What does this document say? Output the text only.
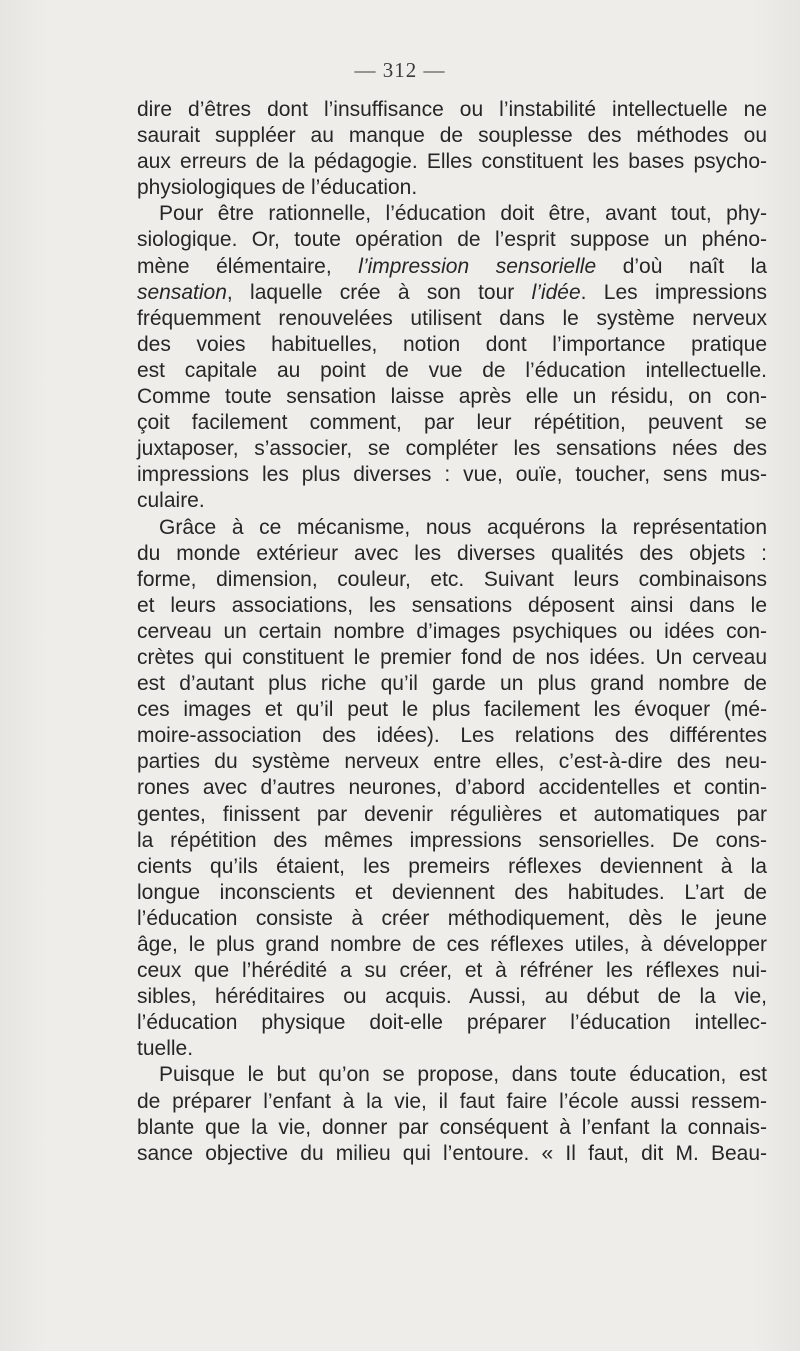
— 312 —
dire d’êtres dont l’insuffisance ou l’instabilité intellectuelle ne
saurait suppléer au manque de souplesse des méthodes ou
aux erreurs de la pédagogie. Elles constituent les bases psycho-
physiologiques de l’éducation.
Pour être rationnelle, l’éducation doit être, avant tout, phy-
siologique. Or, toute opération de l’esprit suppose un phéno-
mène élémentaire, l’impression sensorielle d’où naît la
sensation, laquelle crée à son tour l’idée. Les impressions
fréquemment renouvelées utilisent dans le système nerveux
des voies habituelles, notion dont l’importance pratique
est capitale au point de vue de l’éducation intellectuelle.
Comme toute sensation laisse après elle un résidu, on con-
çoit facilement comment, par leur répétition, peuvent se
juxtaposer, s’associer, se compléter les sensations nées des
impressions les plus diverses : vue, ouïe, toucher, sens mus-
culaire.
Grâce à ce mécanisme, nous acquérons la représentation
du monde extérieur avec les diverses qualités des objets :
forme, dimension, couleur, etc. Suivant leurs combinaisons
et leurs associations, les sensations déposent ainsi dans le
cerveau un certain nombre d’images psychiques ou idées con-
crètes qui constituent le premier fond de nos idées. Un cerveau
est d’autant plus riche qu’il garde un plus grand nombre de
ces images et qu’il peut le plus facilement les évoquer (mé-
moire-association des idées). Les relations des différentes
parties du système nerveux entre elles, c’est-à-dire des neu-
rones avec d’autres neurones, d’abord accidentelles et contin-
gentes, finissent par devenir régulières et automatiques par
la répétition des mêmes impressions sensorielles. De cons-
cients qu’ils étaient, les premeirs réflexes deviennent à la
longue inconscients et deviennent des habitudes. L’art de
l’éducation consiste à créer méthodiquement, dès le jeune
âge, le plus grand nombre de ces réflexes utiles, à développer
ceux que l’hérédité a su créer, et à réfréner les réflexes nui-
sibles, héréditaires ou acquis. Aussi, au début de la vie,
l’éducation physique doit-elle préparer l’éducation intellec-
tuelle.
Puisque le but qu’on se propose, dans toute éducation, est
de préparer l’enfant à la vie, il faut faire l’école aussi ressem-
blante que la vie, donner par conséquent à l’enfant la connais-
sance objective du milieu qui l’entoure. « Il faut, dit M. Beau-
